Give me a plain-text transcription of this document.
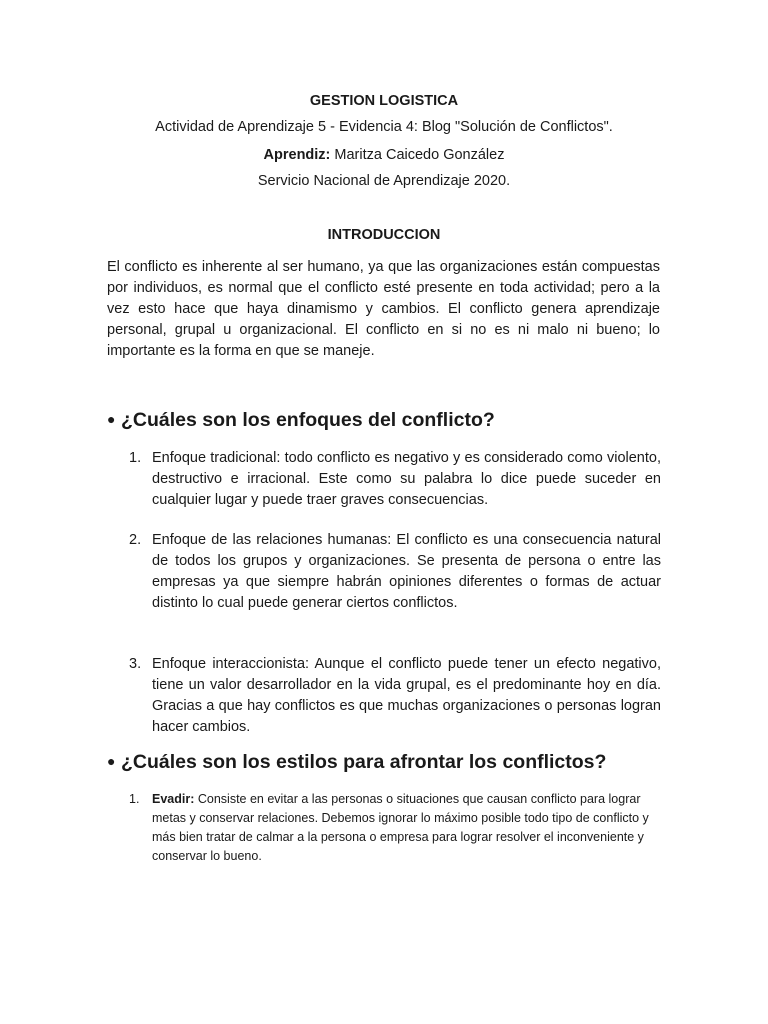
GESTION LOGISTICA
Actividad de Aprendizaje 5 - Evidencia 4: Blog "Solución de Conflictos".
Aprendiz: Maritza Caicedo González
Servicio Nacional de Aprendizaje 2020.
INTRODUCCION
El conflicto es inherente al ser humano, ya que las organizaciones están compuestas por individuos, es normal que el conflicto esté presente en toda actividad; pero a la vez esto hace que haya dinamismo y cambios. El conflicto genera aprendizaje personal, grupal u organizacional. El conflicto en si no es ni malo ni bueno; lo importante es la forma en que se maneje.
● ¿Cuáles son los enfoques del conflicto?
1. Enfoque tradicional: todo conflicto es negativo y es considerado como violento, destructivo e irracional. Este como su palabra lo dice puede suceder en cualquier lugar y puede traer graves consecuencias.
2. Enfoque de las relaciones humanas: El conflicto es una consecuencia natural de todos los grupos y organizaciones. Se presenta de persona o entre las empresas ya que siempre habrán opiniones diferentes o formas de actuar distinto lo cual puede generar ciertos conflictos.
3. Enfoque interaccionista: Aunque el conflicto puede tener un efecto negativo, tiene un valor desarrollador en la vida grupal, es el predominante hoy en día. Gracias a que hay conflictos es que muchas organizaciones o personas logran hacer cambios.
● ¿Cuáles son los estilos para afrontar los conflictos?
1.	Evadir: Consiste en evitar a las personas o situaciones que causan conflicto para lograr metas y conservar relaciones. Debemos ignorar lo máximo posible todo tipo de conflicto y más bien tratar de calmar a la persona o empresa para lograr resolver el inconveniente y conservar lo bueno.
